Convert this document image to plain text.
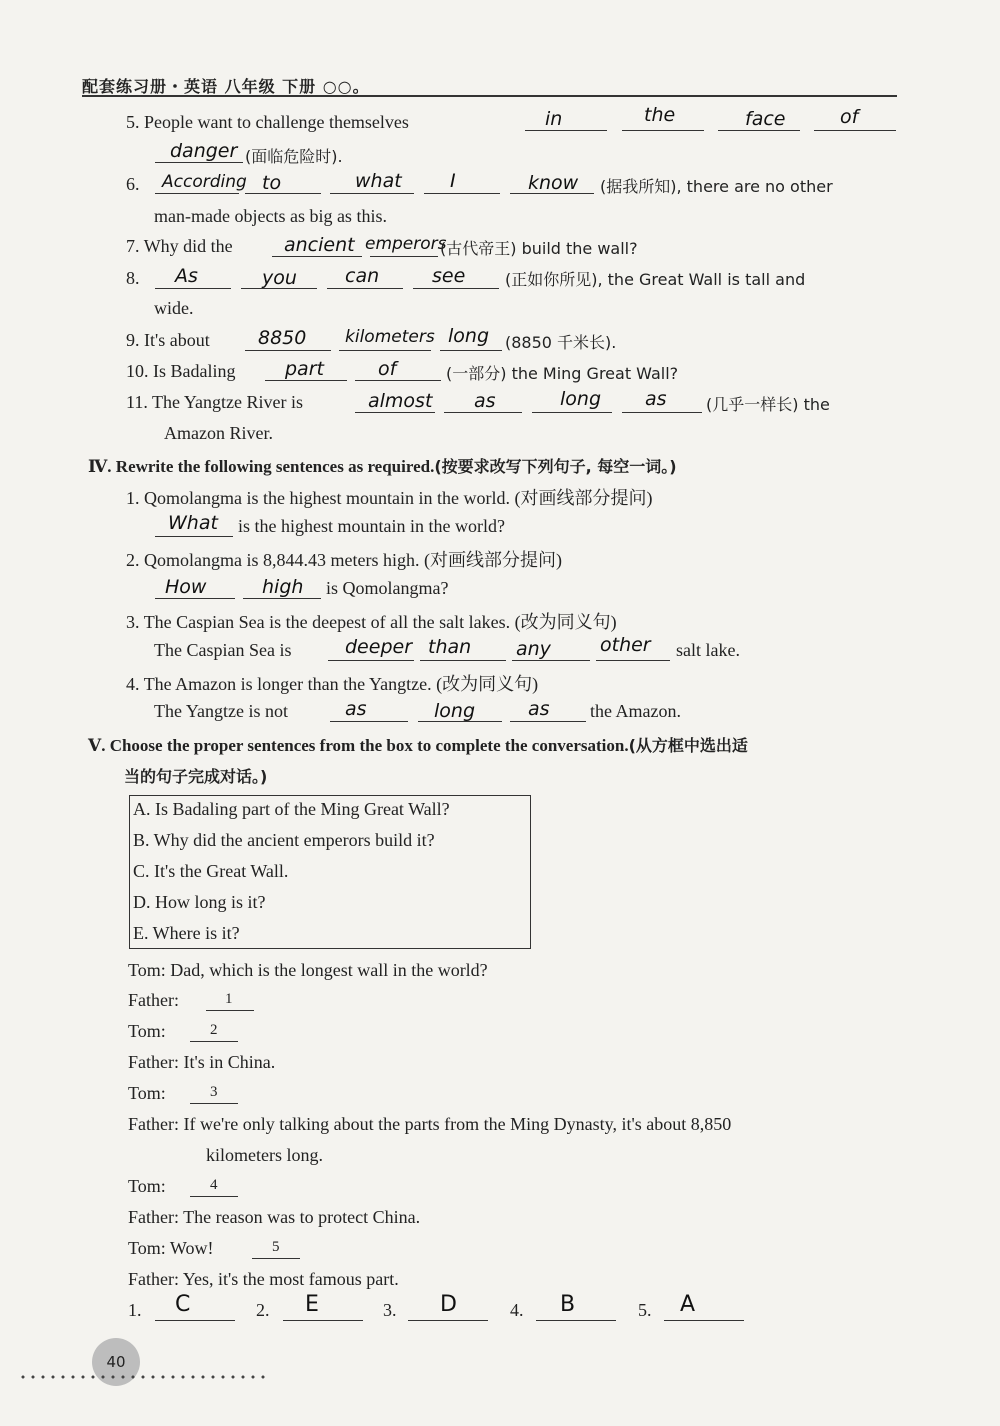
配套练习册・英语 八年级 下册 ○○。
5. People want to challenge themselves	in	the	face	of
danger (面临危险时).
6. According to	what	I	know (据我所知), there are no other
man-made objects as big as this.
7. Why did the	ancient emperors
(古代帝王) build the wall?
8. As	you	can	see (正如你所见), the Great Wall is tall and
wide.
9. It's about	8850 kilometers long (8850 千米长).
10. Is Badaling	part	of	(一部分) the Ming Great Wall?
11. The Yangtze River is	almost as	long as (几乎一样长) the
Amazon River.
Ⅳ. Rewrite the following sentences as required.(按要求改写下列句子, 每空一词。)
1. Qomolangma is the highest mountain in the world. (对画线部分提问)
What is the highest mountain in the world?
2. Qomolangma is 8,844.43 meters high. (对画线部分提问)
How	high is Qomolangma?
3. The Caspian Sea is the deepest of all the salt lakes. (改为同义句)
The Caspian Sea is	deeper than any	other salt lake.
4. The Amazon is longer than the Yangtze. (改为同义句)
The Yangtze is not	as	long	as the Amazon.
Ⅴ. Choose the proper sentences from the box to complete the conversation.(从方框中选出适
当的句子完成对话。)
A. Is Badaling part of the Ming Great Wall?
B. Why did the ancient emperors build it?
C. It's the Great Wall.
D. How long is it?
E. Where is it?
Tom: Dad, which is the longest wall in the world?
Father:	1
Tom:	2
Father: It's in China.
Tom:	3
Father: If we're only talking about the parts from the Ming Dynasty, it's about 8,850
kilometers long.
Tom:	4
Father: The reason was to protect China.
Tom: Wow!	5
Father: Yes, it's the most famous part.
1. C	2. E	3. D	4. B	5. A
40
